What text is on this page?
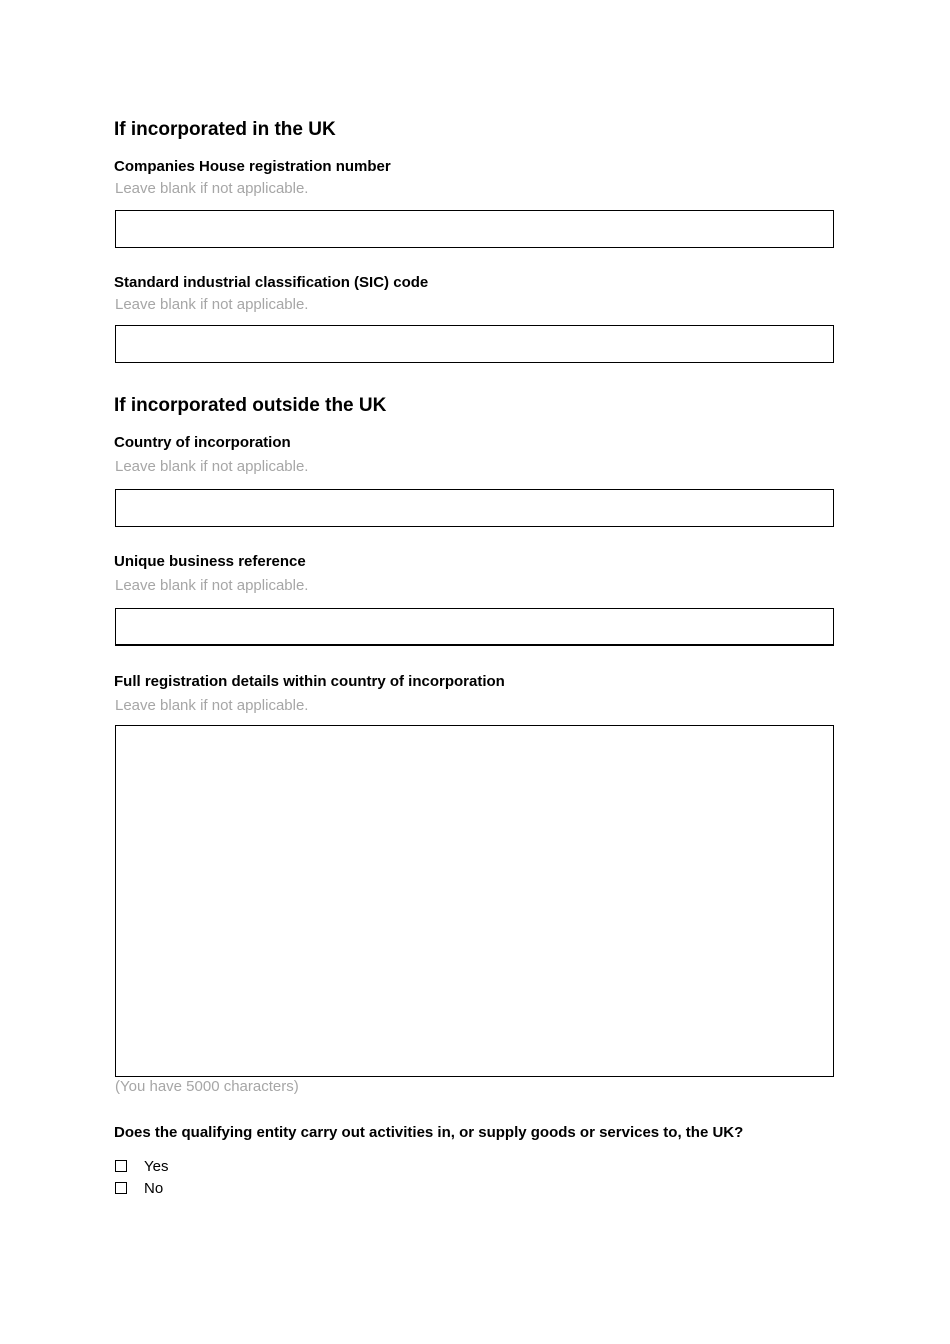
If incorporated in the UK
Companies House registration number
Leave blank if not applicable.
Standard industrial classification (SIC) code
Leave blank if not applicable.
If incorporated outside the UK
Country of incorporation
Leave blank if not applicable.
Unique business reference
Leave blank if not applicable.
Full registration details within country of incorporation
Leave blank if not applicable.
(You have 5000 characters)
Does the qualifying entity carry out activities in, or supply goods or services to, the UK?
Yes
No
